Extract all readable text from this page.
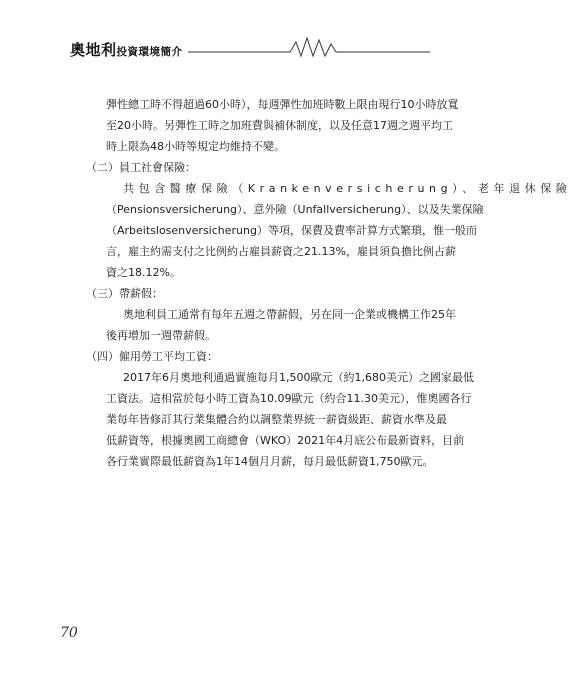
奧地利投資環境簡介
彈性總工時不得超過60小時），每週彈性加班時數上限由現行10小時放寬
至20小時。另彈性工時之加班費與補休制度，以及任意17週之週平均工
時上限為48小時等規定均維持不變。
（二）員工社會保險：
共包含醫療保險（Krankenversicherung）、老年退休保險
（Pensionsversicherung）、意外險（Unfallversicherung）、以及失業保險
（Arbeitslosenversicherung）等項，保費及費率計算方式繁瑣，惟一般而
言，雇主約需支付之比例約占雇員薪資之21.13%，雇員須負擔比例占薪
資之18.12%。
（三）帶薪假：
奧地利員工通常有每年五週之帶薪假，另在同一企業或機構工作25年
後再增加一週帶薪假。
（四）僱用勞工平均工資：
2017年6月奧地利通過實施每月1,500歐元（約1,680美元）之國家最低
工資法。這相當於每小時工資為10.09歐元（約合11.30美元），惟奧國各行
業每年皆修訂其行業集體合約以調整業界統一薪資級距、薪資水準及最
低薪資等，根據奧國工商總會（WKO）2021年4月底公布最新資料，目前
各行業實際最低薪資為1年14個月月薪，每月最低薪資1,750歐元。
70
